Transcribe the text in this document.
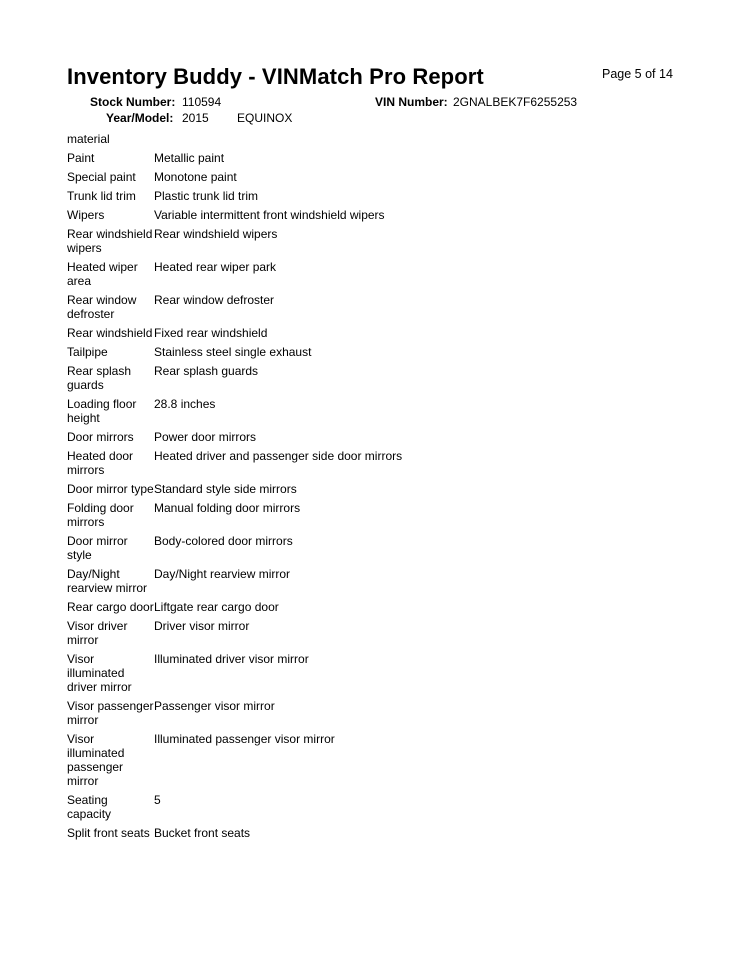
Inventory Buddy - VINMatch Pro Report	Page 5 of 14
Stock Number: 110594	VIN Number: 2GNALBEK7F6255253
Year/Model: 2015 EQUINOX
material	
Paint	Metallic paint
Special paint	Monotone paint
Trunk lid trim	Plastic trunk lid trim
Wipers	Variable intermittent front windshield wipers
Rear windshield wipers	Rear windshield wipers
Heated wiper area	Heated rear wiper park
Rear window defroster	Rear window defroster
Rear windshield	Fixed rear windshield
Tailpipe	Stainless steel single exhaust
Rear splash guards	Rear splash guards
Loading floor height	28.8 inches
Door mirrors	Power door mirrors
Heated door mirrors	Heated driver and passenger side door mirrors
Door mirror type	Standard style side mirrors
Folding door mirrors	Manual folding door mirrors
Door mirror style	Body-colored door mirrors
Day/Night rearview mirror	Day/Night rearview mirror
Rear cargo door	Liftgate rear cargo door
Visor driver mirror	Driver visor mirror
Visor illuminated driver mirror	Illuminated driver visor mirror
Visor passenger mirror	Passenger visor mirror
Visor illuminated passenger mirror	Illuminated passenger visor mirror
Seating capacity	5
Split front seats	Bucket front seats
